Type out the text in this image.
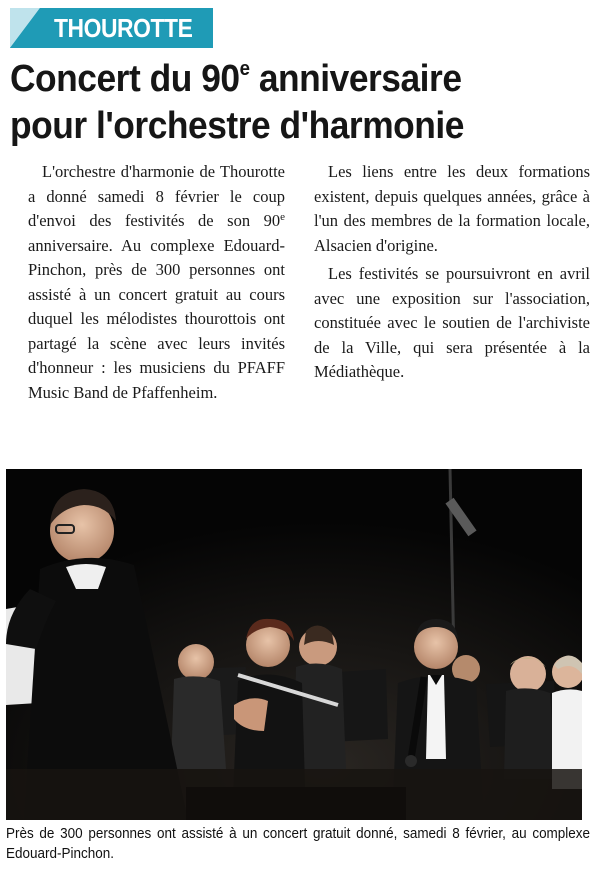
THOUROTTE
Concert du 90e anniversaire
pour l'orchestre d'harmonie

L'orchestre d'harmonie de Thourotte a donné samedi 8 février le coup d'envoi des festivités de son 90e anniversaire. Au complexe Edouard-Pinchon, près de 300 personnes ont assisté à un concert gratuit au cours duquel les mélodistes thourottois ont partagé la scène avec leurs invités d'honneur : les musiciens du PFAFF Music Band de Pfaffenheim.

Les liens entre les deux formations existent, depuis quelques années, grâce à l'un des membres de la formation locale, Alsacien d'origine.

Les festivités se poursuivront en avril avec une exposition sur l'association, constituée avec le soutien de l'archiviste de la Ville, qui sera présentée à la Médiathèque.

Près de 300 personnes ont assisté à un concert gratuit donné, samedi 8 février, au complexe Edouard-Pinchon.
